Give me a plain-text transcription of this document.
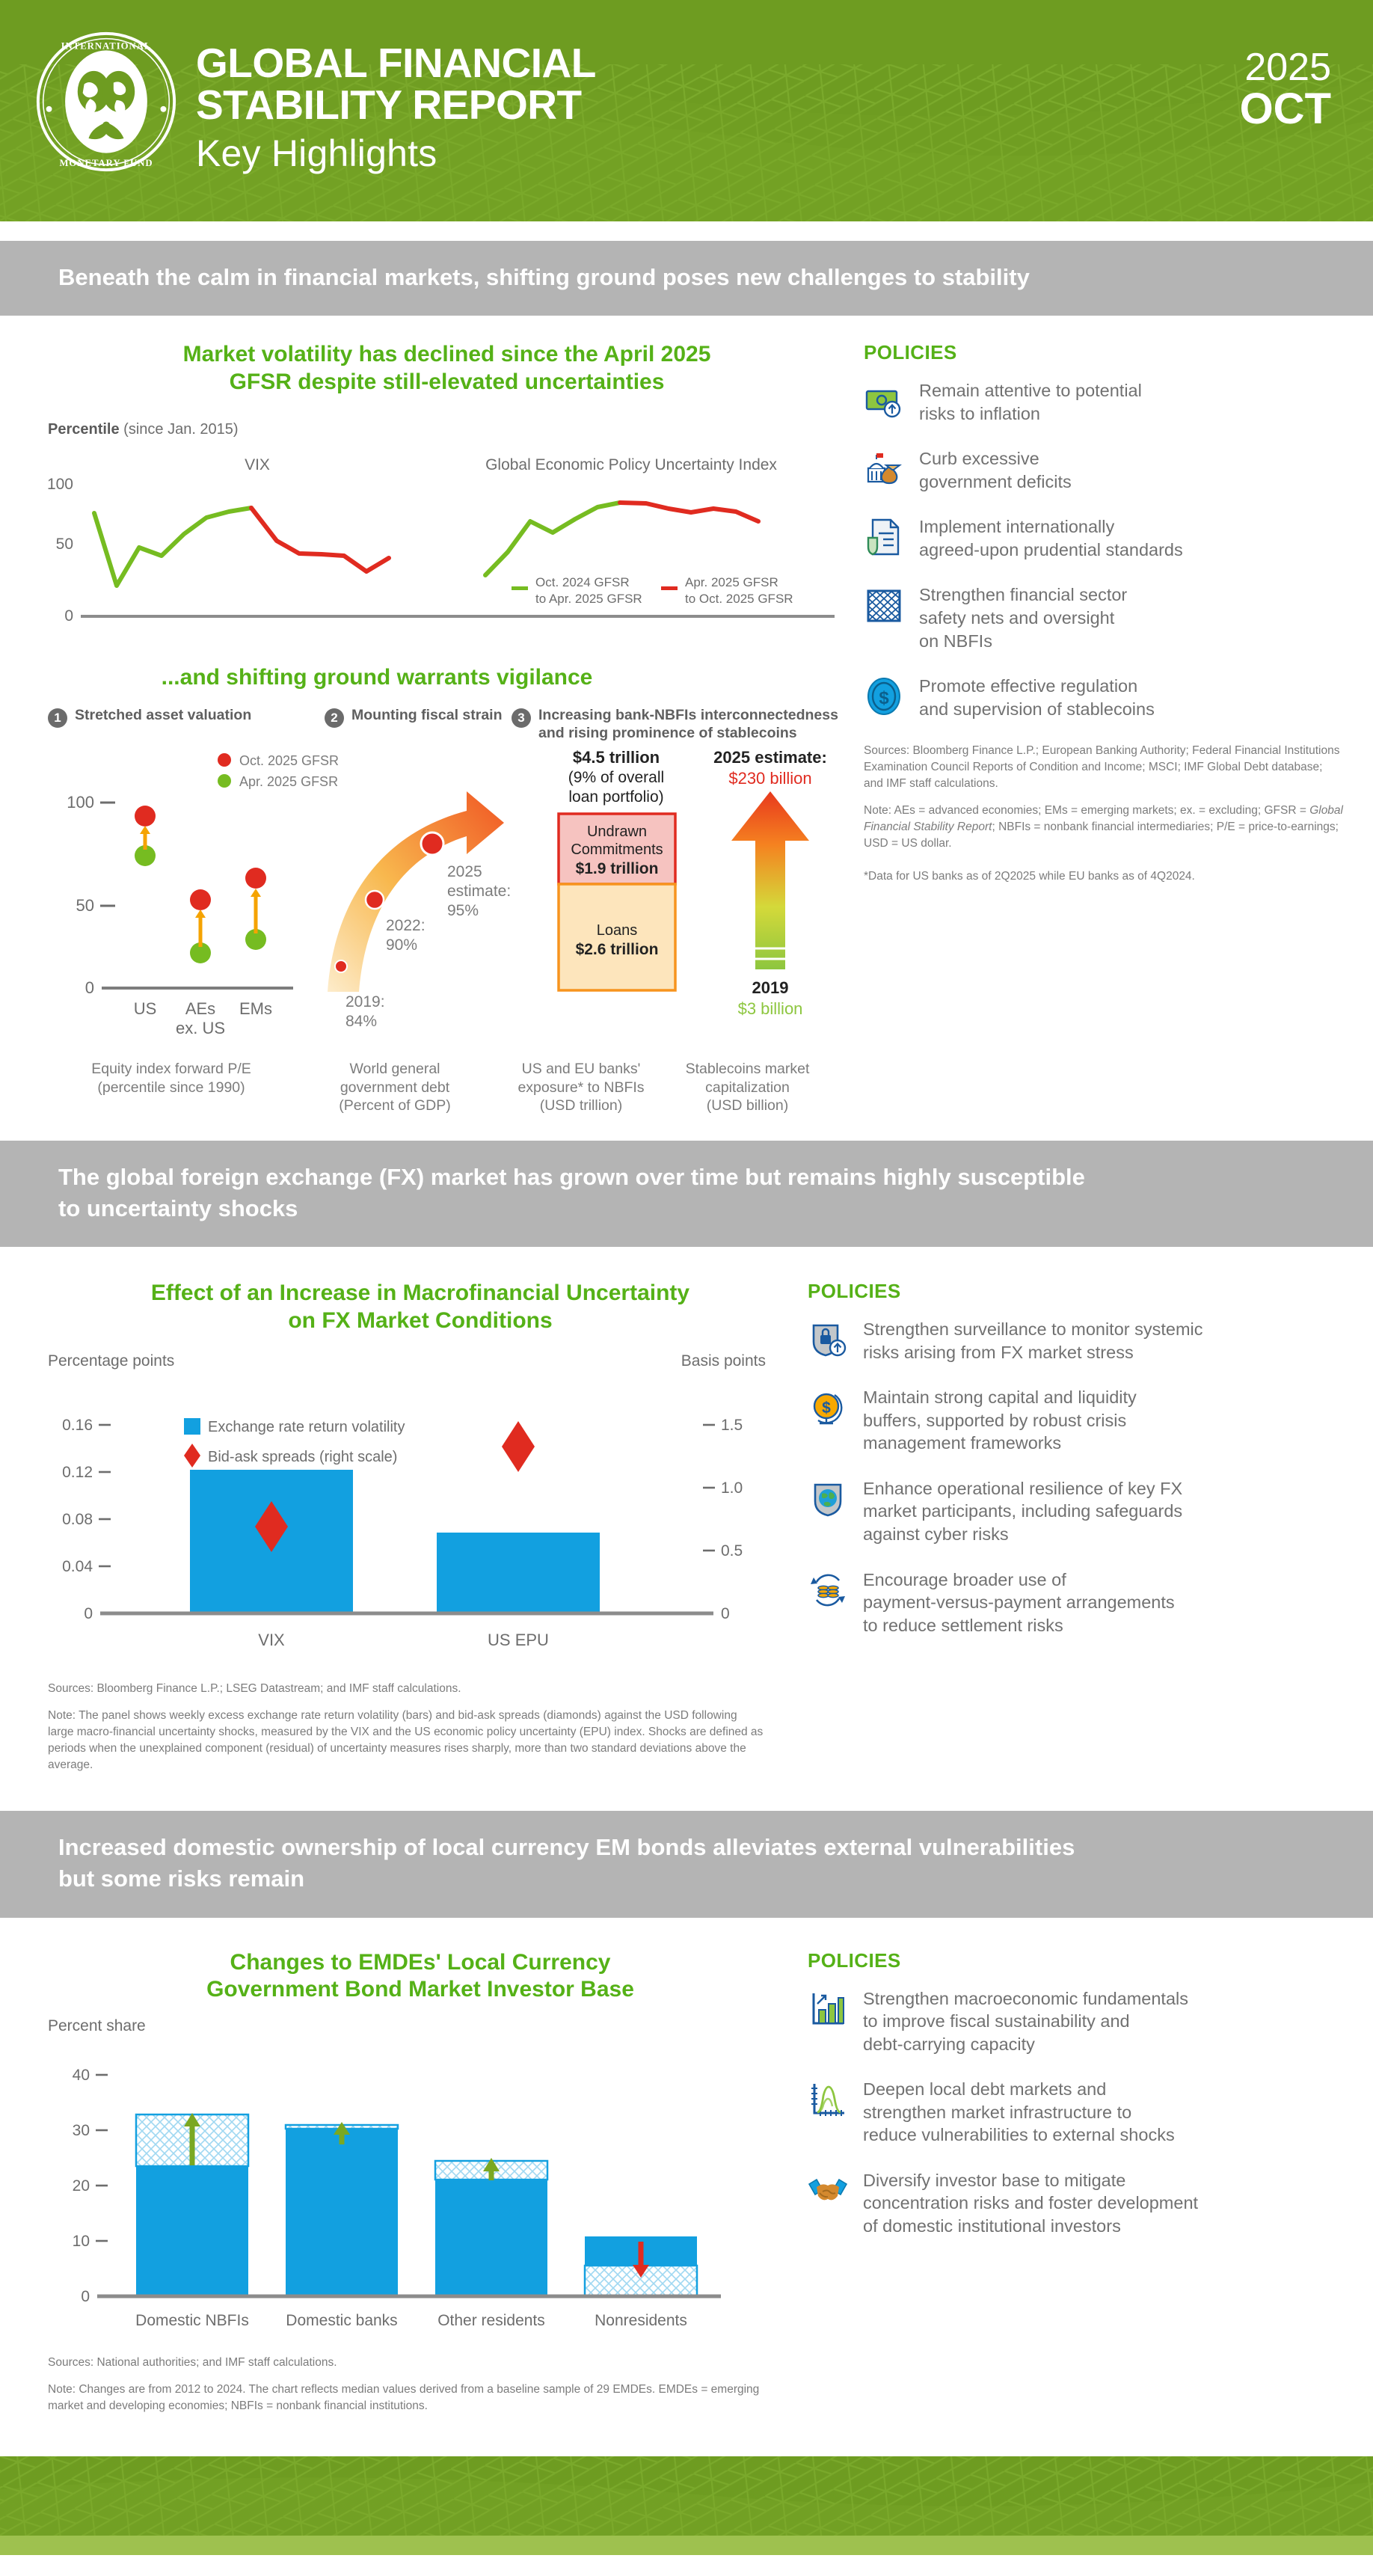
INTERNATIONAL
MONETARY FUND
GLOBAL FINANCIAL
STABILITY REPORT
Key Highlights
2025
OCT
Beneath the calm in financial markets, shifting ground poses new challenges to stability
Market volatility has declined since the April 2025
GFSR despite still-elevated uncertainties
Percentile (since Jan. 2015)
100
50
0
VIX	Global Economic Policy Uncertainty Index
Oct. 2024 GFSR
to Apr. 2025 GFSR
Apr. 2025 GFSR
to Oct. 2025 GFSR
...and shifting ground warrants vigilance
1 Stretched asset valuation	2 Mounting fiscal strain	3 Increasing bank-NBFIs interconnectedness
and rising prominence of stablecoins
Oct. 2025 GFSR
Apr. 2025 GFSR
100
50
0
US AEs
ex. US
EMs	2019:
84%
2022:
90%
2025
estimate:
95%
$4.5 trillion
(9% of overall
loan portfolio)
Undrawn
Commitments
$1.9 trillion
Loans
$2.6 trillion
2025 estimate:
$230 billion
2019
$3 billion
Equity index forward P/E
(percentile since 1990)
World general
government debt
(Percent of GDP)
US and EU banks'
exposure* to NBFIs
(USD trillion)
Stablecoins market
capitalization
(USD billion)
POLICIES
Remain attentive to potential
risks to inflation
Curb excessive
government deficits
Implement internationally
agreed-upon prudential standards
Strengthen financial sector
safety nets and oversight
on NBFIs
$
Promote effective regulation
and supervision of stablecoins

Sources: Bloomberg Finance L.P.; European Banking Authority; Federal Financial Institutions Examination Council Reports of Condition and Income; MSCI; IMF Global Debt database; and IMF staff calculations.

Note: AEs = advanced economies; EMs = emerging markets; ex. = excluding; GFSR = Global Financial Stability Report; NBFIs = nonbank financial intermediaries; P/E = price-to-earnings; USD = US dollar.

*Data for US banks as of 2Q2025 while EU banks as of 4Q2024.

The global foreign exchange (FX) market has grown over time but remains highly susceptible
to uncertainty shocks
Effect of an Increase in Macrofinancial Uncertainty
on FX Market Conditions
Percentage points	Basis points
0.16
0.12
0.08
0.04
0
1.5
1.0
0.5
0
Exchange rate return volatility
Bid-ask spreads (right scale)
VIX	US EPU

Sources: Bloomberg Finance L.P.; LSEG Datastream; and IMF staff calculations.

Note: The panel shows weekly excess exchange rate return volatility (bars) and bid-ask spreads (diamonds) against the USD following large macro-financial uncertainty shocks, measured by the VIX and the US economic policy uncertainty (EPU) index. Shocks are defined as periods when the unexplained component (residual) of uncertainty measures rises sharply, more than two standard deviations above the average.

POLICIES
Strengthen surveillance to monitor systemic
risks arising from FX market stress
$
Maintain strong capital and liquidity
buffers, supported by robust crisis
management frameworks
Enhance operational resilience of key FX
market participants, including safeguards
against cyber risks
Encourage broader use of
payment-versus-payment arrangements
to reduce settlement risks
Increased domestic ownership of local currency EM bonds alleviates external vulnerabilities
but some risks remain
Changes to EMDEs' Local Currency
Government Bond Market Investor Base
Percent share
40
30
20
10
0
Domestic NBFIs Domestic banks	Other residents	Nonresidents

Sources: National authorities; and IMF staff calculations.

Note: Changes are from 2012 to 2024. The chart reflects median values derived from a baseline sample of 29 EMDEs. EMDEs = emerging market and developing economies; NBFIs = nonbank financial institutions.

POLICIES
Strengthen macroeconomic fundamentals
to improve fiscal sustainability and
debt-carrying capacity
Deepen local debt markets and
strengthen market infrastructure to
reduce vulnerabilities to external shocks
Diversify investor base to mitigate
concentration risks and foster development
of domestic institutional investors
